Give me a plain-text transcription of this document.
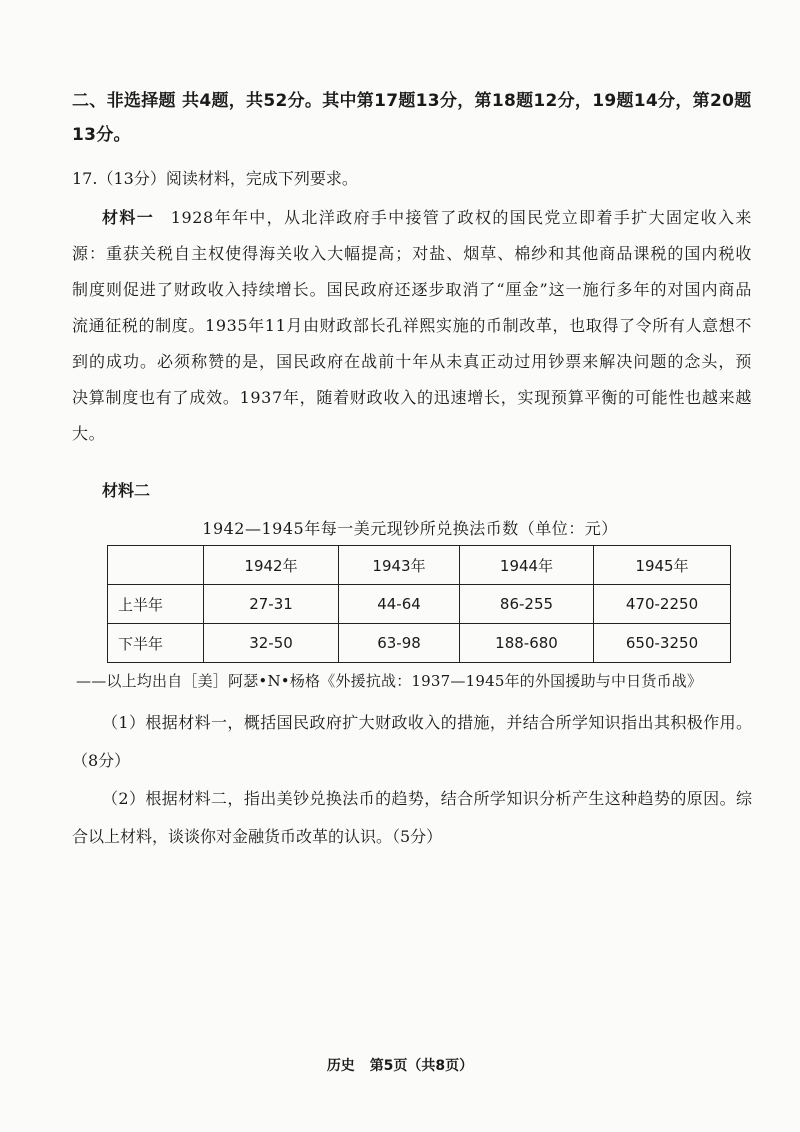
二、非选择题 共4题，共52分。其中第17题13分，第18题12分，19题14分，第20题13分。
17.（13分）阅读材料，完成下列要求。
材料一  1928年年中，从北洋政府手中接管了政权的国民党立即着手扩大固定收入来源：重获关税自主权使得海关收入大幅提高；对盐、烟草、棉纱和其他商品课税的国内税收制度则促进了财政收入持续增长。国民政府还逐步取消了“厘金”这一施行多年的对国内商品流通征税的制度。1935年11月由财政部长孔祥熙实施的币制改革，也取得了令所有人意想不到的成功。必须称赞的是，国民政府在战前十年从未真正动过用钞票来解决问题的念头，预决算制度也有了成效。1937年，随着财政收入的迅速增长，实现预算平衡的可能性也越来越大。
材料二
1942—1945年每一美元现钞所兑换法币数（单位：元）
	1942年	1943年	1944年	1945年
上半年	27-31	44-64	86-255	470-2250
下半年	32-50	63-98	188-680	650-3250
——以上均出自［美］阿瑟•N•杨格《外援抗战：1937—1945年的外国援助与中日货币战》
（1）根据材料一，概括国民政府扩大财政收入的措施，并结合所学知识指出其积极作用。（8分）
（2）根据材料二，指出美钞兑换法币的趋势，结合所学知识分析产生这种趋势的原因。综合以上材料，谈谈你对金融货币改革的认识。（5分）
历史 第5页（共8页）
